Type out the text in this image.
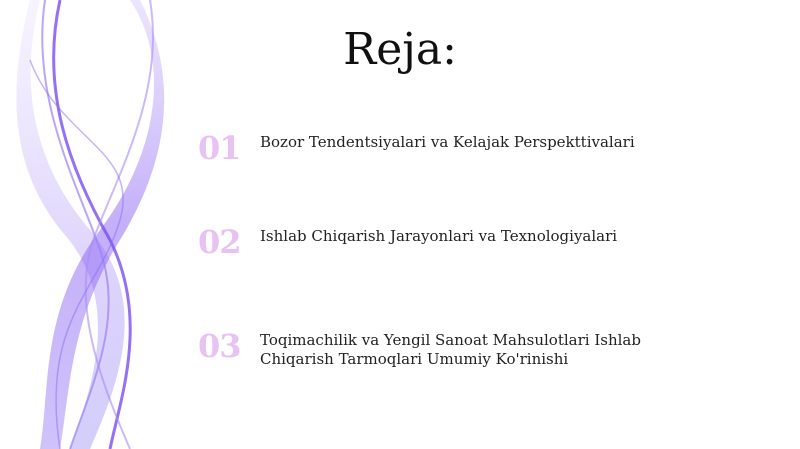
Reja:
01	Bozor Tendentsiyalari va Kelajak Perspekttivalari
02	Ishlab Chiqarish Jarayonlari va Texnologiyalari
03	Toqimachilik va Yengil Sanoat Mahsulotlari Ishlab Chiqarish Tarmoqlari Umumiy Ko'rinishi
